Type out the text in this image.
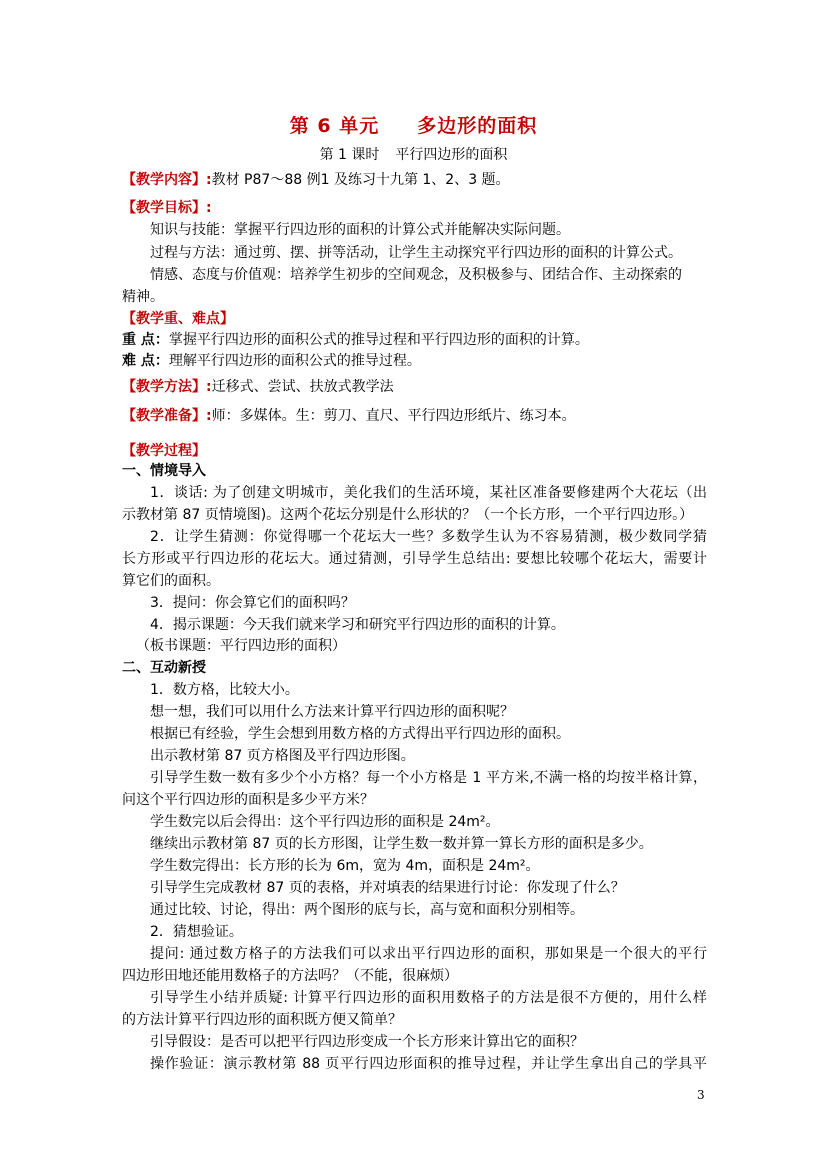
第 6 单元 多边形的面积
第 1 课时 平行四边形的面积
【教学内容】:教材 P87～88 例1 及练习十九第 1、2、3 题。
【教学目标】:
知识与技能：掌握平行四边形的面积的计算公式并能解决实际问题。
过程与方法：通过剪、摆、拼等活动，让学生主动探究平行四边形的面积的计算公式。
情感、态度与价值观：培养学生初步的空间观念，及积极参与、团结合作、主动探索的
精神。
【教学重、难点】
重 点：掌握平行四边形的面积公式的推导过程和平行四边形的面积的计算。
难 点：理解平行四边形的面积公式的推导过程。
【教学方法】:迁移式、尝试、扶放式教学法
【教学准备】:师：多媒体。生：剪刀、直尺、平行四边形纸片、练习本。
【教学过程】
一、情境导入
1．谈话: 为了创建文明城市，美化我们的生活环境，某社区准备要修建两个大花坛（出
示教材第 87 页情境图)。这两个花坛分别是什么形状的？（一个长方形，一个平行四边形。）
2．让学生猜测：你觉得哪一个花坛大一些？多数学生认为不容易猜测，极少数同学猜
长方形或平行四边形的花坛大。通过猜测，引导学生总结出: 要想比较哪个花坛大，需要计
算它们的面积。
3．提问：你会算它们的面积吗？
4．揭示课题：今天我们就来学习和研究平行四边形的面积的计算。
（板书课题：平行四边形的面积）
二、互动新授
1．数方格，比较大小。
想一想，我们可以用什么方法来计算平行四边形的面积呢？
根据已有经验，学生会想到用数方格的方式得出平行四边形的面积。
出示教材第 87 页方格图及平行四边形图。
引导学生数一数有多少个小方格？每一个小方格是 1 平方米,不满一格的均按半格计算，
问这个平行四边形的面积是多少平方米？
学生数完以后会得出：这个平行四边形的面积是 24m²。
继续出示教材第 87 页的长方形图，让学生数一数并算一算长方形的面积是多少。
学生数完得出：长方形的长为 6m，宽为 4m，面积是 24m²。
引导学生完成教材 87 页的表格，并对填表的结果进行讨论：你发现了什么？
通过比较、讨论，得出：两个图形的底与长，高与宽和面积分别相等。
2．猜想验证。
提问: 通过数方格子的方法我们可以求出平行四边形的面积，那如果是一个很大的平行
四边形田地还能用数格子的方法吗？（不能，很麻烦）
引导学生小结并质疑: 计算平行四边形的面积用数格子的方法是很不方便的，用什么样
的方法计算平行四边形的面积既方便又简单？
引导假设：是否可以把平行四边形变成一个长方形来计算出它的面积？
操作验证：演示教材第 88 页平行四边形面积的推导过程，并让学生拿出自己的学具平
3
